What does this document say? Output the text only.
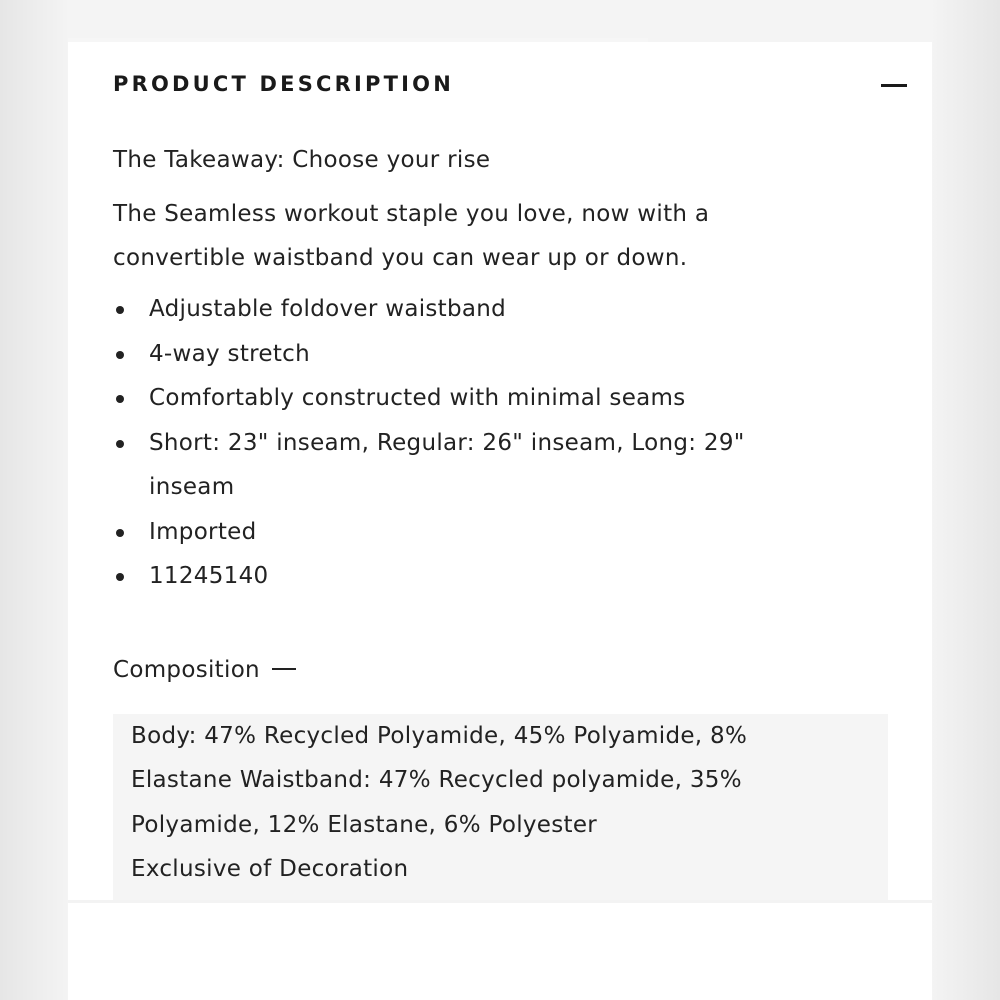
PRODUCT DESCRIPTION
The Takeaway: Choose your rise
The Seamless workout staple you love, now with a
convertible waistband you can wear up or down.
Adjustable foldover waistband
4-way stretch
Comfortably constructed with minimal seams
Short: 23" inseam, Regular: 26" inseam, Long: 29"
inseam
Imported
11245140
Composition
Body: 47% Recycled Polyamide, 45% Polyamide, 8%
Elastane Waistband: 47% Recycled polyamide, 35%
Polyamide, 12% Elastane, 6% Polyester
Exclusive of Decoration
